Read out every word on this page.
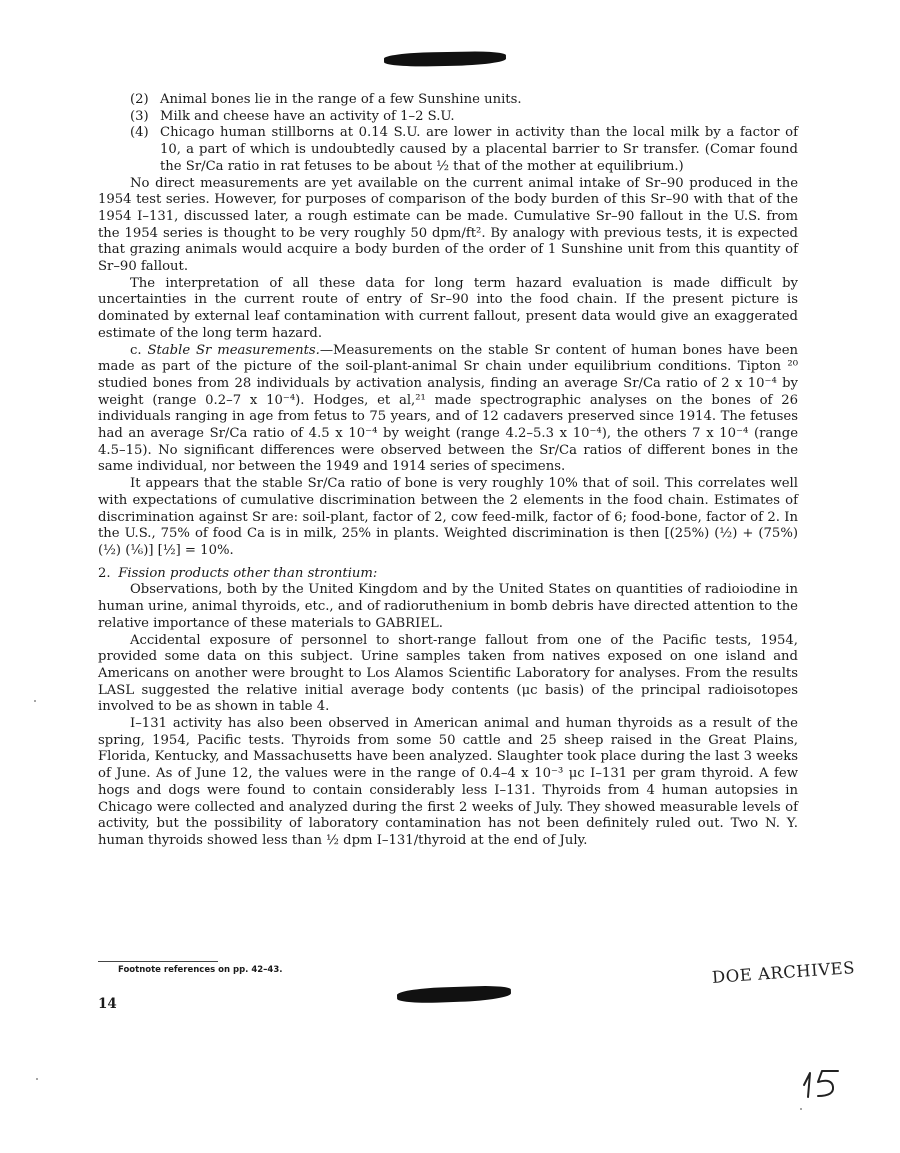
(2) Animal bones lie in the range of a few Sunshine units.
(3) Milk and cheese have an activity of 1–2 S.U.
(4) Chicago human stillborns at 0.14 S.U. are lower in activity than the local milk by a factor of 10, a part of which is undoubtedly caused by a placental barrier to Sr transfer. (Comar found the Sr/Ca ratio in rat fetuses to be about ½ that of the mother at equilibrium.)

No direct measurements are yet available on the current animal intake of Sr–90 produced in the 1954 test series. However, for purposes of comparison of the body burden of this Sr–90 with that of the 1954 I–131, discussed later, a rough estimate can be made. Cumulative Sr–90 fallout in the U.S. from the 1954 series is thought to be very roughly 50 dpm/ft². By analogy with previous tests, it is expected that grazing animals would acquire a body burden of the order of 1 Sunshine unit from this quantity of Sr–90 fallout.

The interpretation of all these data for long term hazard evaluation is made difficult by uncertainties in the current route of entry of Sr–90 into the food chain. If the present picture is dominated by external leaf contamination with current fallout, present data would give an exaggerated estimate of the long term hazard.

c. Stable Sr measurements.—Measurements on the stable Sr content of human bones have been made as part of the picture of the soil-plant-animal Sr chain under equilibrium conditions. Tipton ²⁰ studied bones from 28 individuals by activation analysis, finding an average Sr/Ca ratio of 2 x 10⁻⁴ by weight (range 0.2–7 x 10⁻⁴). Hodges, et al,²¹ made spectrographic analyses on the bones of 26 individuals ranging in age from fetus to 75 years, and of 12 cadavers preserved since 1914. The fetuses had an average Sr/Ca ratio of 4.5 x 10⁻⁴ by weight (range 4.2–5.3 x 10⁻⁴), the others 7 x 10⁻⁴ (range 4.5–15). No significant differences were observed between the Sr/Ca ratios of different bones in the same individual, nor between the 1949 and 1914 series of specimens.

It appears that the stable Sr/Ca ratio of bone is very roughly 10% that of soil. This correlates well with expectations of cumulative discrimination between the 2 elements in the food chain. Estimates of discrimination against Sr are: soil-plant, factor of 2, cow feed-milk, factor of 6; food-bone, factor of 2. In the U.S., 75% of food Ca is in milk, 25% in plants. Weighted discrimination is then [(25%) (½) + (75%) (½) (⅙)] [½] = 10%.

2. Fission products other than strontium:

Observations, both by the United Kingdom and by the United States on quantities of radioiodine in human urine, animal thyroids, etc., and of radioruthenium in bomb debris have directed attention to the relative importance of these materials to GABRIEL.

Accidental exposure of personnel to short-range fallout from one of the Pacific tests, 1954, provided some data on this subject. Urine samples taken from natives exposed on one island and Americans on another were brought to Los Alamos Scientific Laboratory for analyses. From the results LASL suggested the relative initial average body contents (μc basis) of the principal radioisotopes involved to be as shown in table 4.

I–131 activity has also been observed in American animal and human thyroids as a result of the spring, 1954, Pacific tests. Thyroids from some 50 cattle and 25 sheep raised in the Great Plains, Florida, Kentucky, and Massachusetts have been analyzed. Slaughter took place during the last 3 weeks of June. As of June 12, the values were in the range of 0.4–4 x 10⁻³ μc I–131 per gram thyroid. A few hogs and dogs were found to contain considerably less I–131. Thyroids from 4 human autopsies in Chicago were collected and analyzed during the first 2 weeks of July. They showed measurable levels of activity, but the possibility of laboratory contamination has not been definitely ruled out. Two N. Y. human thyroids showed less than ½ dpm I–131/thyroid at the end of July.

Footnote references on pp. 42–43.
14
DOE ARCHIVES
